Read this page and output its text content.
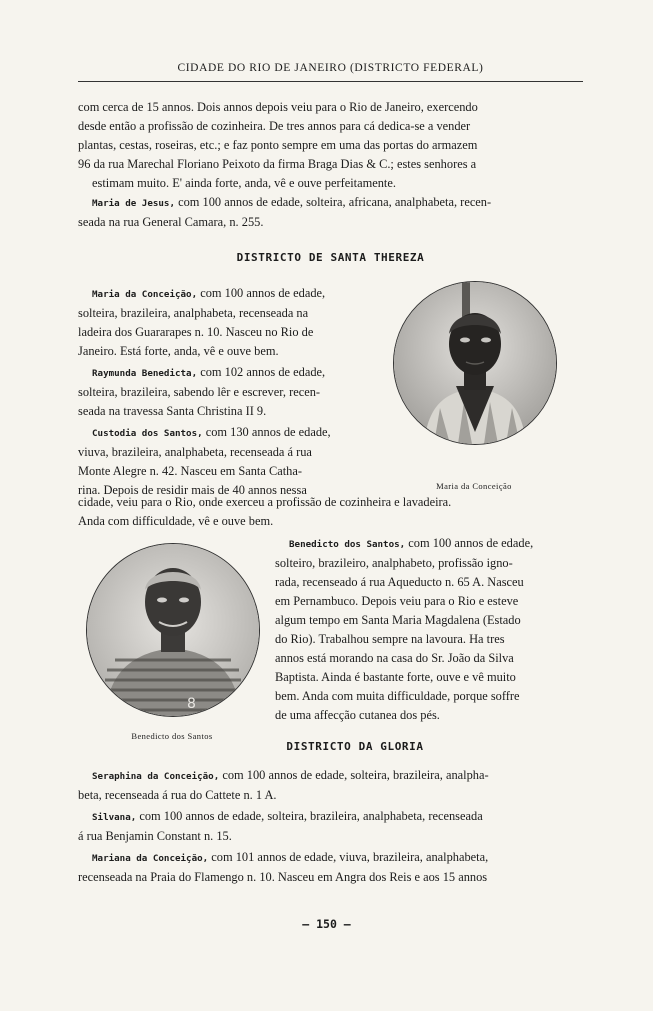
CIDADE DO RIO DE JANEIRO (DISTRICTO FEDERAL)

com cerca de 15 annos. Dois annos depois veiu para o Rio de Janeiro, exercendo

desde então a profissão de cozinheira. De tres annos para cá dedica-se a vender

plantas, cestas, roseiras, etc.; e faz ponto sempre em uma das portas do armazem

96 da rua Marechal Floriano Peixoto da firma Braga Dias & C.; estes senhores a

estimam muito. E' ainda forte, anda, vê e ouve perfeitamente.

Maria de Jesus, com 100 annos de edade, solteira, africana, analphabeta, recen-

seada na rua General Camara, n. 255.

DISTRICTO DE SANTA THEREZA

Maria da Conceição, com 100 annos de edade,

solteira, brazileira, analphabeta, recenseada na

ladeira dos Guararapes n. 10. Nasceu no Rio de

Janeiro. Está forte, anda, vê e ouve bem.

Raymunda Benedicta, com 102 annos de edade,

solteira, brazileira, sabendo lêr e escrever, recen-

seada na travessa Santa Christina II 9.

Custodia dos Santos, com 130 annos de edade,

viuva, brazileira, analphabeta, recenseada á rua

Monte Alegre n. 42. Nasceu em Santa Catha-

rina. Depois de residir mais de 40 annos nessa

cidade, veiu para o Rio, onde exerceu a profissão de cozinheira e lavadeira.

Anda com difficuldade, vê e ouve bem.

Maria da Conceição
8
Benedicto dos Santos

Benedicto dos Santos, com 100 annos de edade,

solteiro, brazileiro, analphabeto, profissão igno-

rada, recenseado á rua Aqueducto n. 65 A. Nasceu

em Pernambuco. Depois veiu para o Rio e esteve

algum tempo em Santa Maria Magdalena (Estado

do Rio). Trabalhou sempre na lavoura. Ha tres

annos está morando na casa do Sr. João da Silva

Baptista. Ainda é bastante forte, ouve e vê muito

bem. Anda com muita difficuldade, porque soffre

de uma affecção cutanea dos pés.

DISTRICTO DA GLORIA

Seraphina da Conceição, com 100 annos de edade, solteira, brazileira, analpha-

beta, recenseada á rua do Cattete n. 1 A.

Silvana, com 100 annos de edade, solteira, brazileira, analphabeta, recenseada

á rua Benjamin Constant n. 15.

Mariana da Conceição, com 101 annos de edade, viuva, brazileira, analphabeta,

recenseada na Praia do Flamengo n. 10. Nasceu em Angra dos Reis e aos 15 annos

– 150 –
